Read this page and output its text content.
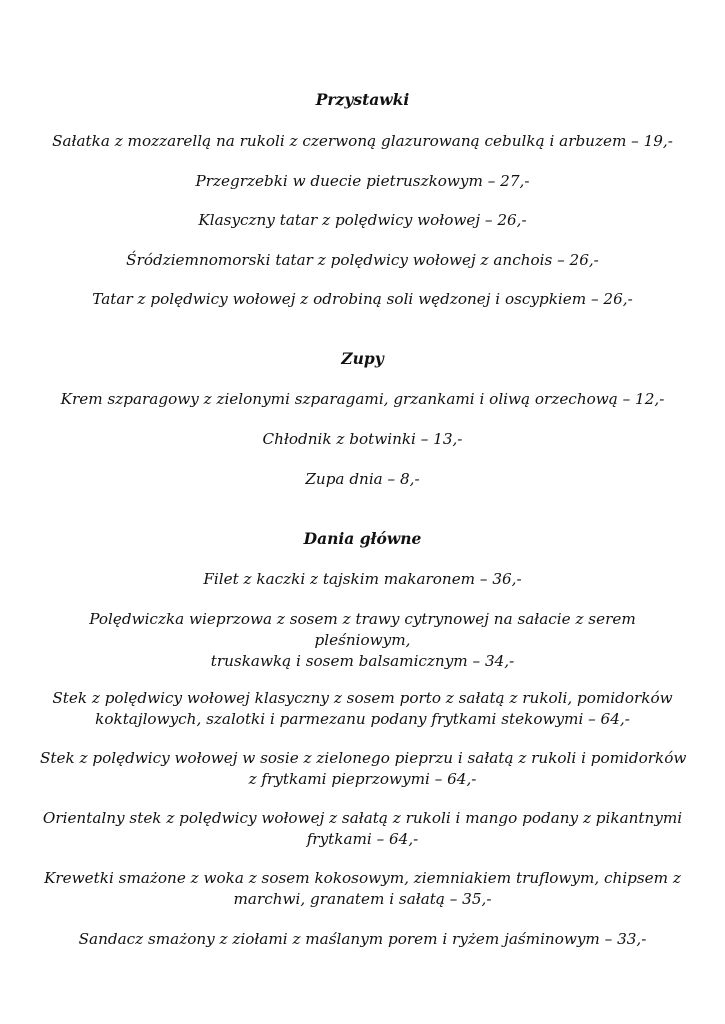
Przystawki
Sałatka z mozzarellą na rukoli z czerwoną glazurowaną cebulką i arbuzem – 19,-
Przegrzebki w duecie pietruszkowym – 27,-
Klasyczny tatar z polędwicy wołowej – 26,-
Śródziemnomorski tatar z polędwicy wołowej z anchois – 26,-
Tatar z polędwicy wołowej z odrobiną soli wędzonej i oscypkiem – 26,-
Zupy
Krem szparagowy z zielonymi szparagami, grzankami i oliwą orzechową – 12,-
Chłodnik z botwinki – 13,-
Zupa dnia – 8,-
Dania główne
Filet z kaczki z tajskim makaronem – 36,-
Polędwiczka wieprzowa z sosem z trawy cytrynowej na sałacie z serem
pleśniowym,
truskawką i sosem balsamicznym – 34,-
Stek z polędwicy wołowej klasyczny z sosem porto z sałatą z rukoli, pomidorków
koktajlowych, szalotki i parmezanu podany frytkami stekowymi – 64,-
Stek z polędwicy wołowej w sosie z zielonego pieprzu i sałatą z rukoli i pomidorków
z frytkami pieprzowymi – 64,-
Orientalny stek z polędwicy wołowej z sałatą z rukoli i mango podany z pikantnymi
frytkami – 64,-
Krewetki smażone z woka z sosem kokosowym, ziemniakiem truflowym, chipsem z
marchwi, granatem i sałatą – 35,-
Sandacz smażony z ziołami z maślanym porem i ryżem jaśminowym – 33,-
